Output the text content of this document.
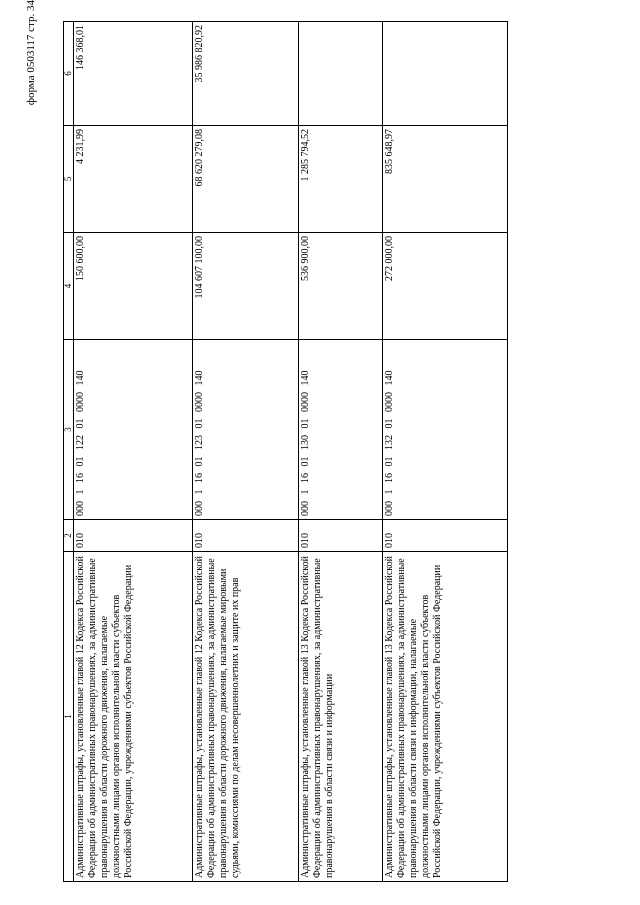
форма 0503117 стр. 34
1	2	3	4	5	6
Административные штрафы, установленные главой 12 Кодекса Российской Федерации об административных правонарушениях, за административные правонарушения в области дорожного движения, налагаемые должностными лицами органов исполнительной власти субъектов Российской Федерации, учреждениями субъектов Российской Федерации	010	000 1 16 01 122 01 0000 140	150 600,00	4 231,99	146 368,01
Административные штрафы, установленные главой 12 Кодекса Российской Федерации об административных правонарушениях, за административные правонарушения в области дорожного движения, налагаемые мировыми судьями, комиссиями по делам несовершеннолетних и защите их прав	010	000 1 16 01 123 01 0000 140	104 607 100,00	68 620 279,08	35 986 820,92
Административные штрафы, установленные главой 13 Кодекса Российской Федерации об административных правонарушениях, за административные правонарушения в области связи и информации	010	000 1 16 01 130 01 0000 140	536 900,00	1 285 794,52	
Административные штрафы, установленные главой 13 Кодекса Российской Федерации об административных правонарушениях, за административные правонарушения в области связи и информации, налагаемые должностными лицами органов исполнительной власти субъектов Российской Федерации, учреждениями субъектов Российской Федерации	010	000 1 16 01 132 01 0000 140	272 000,00	835 648,97	
